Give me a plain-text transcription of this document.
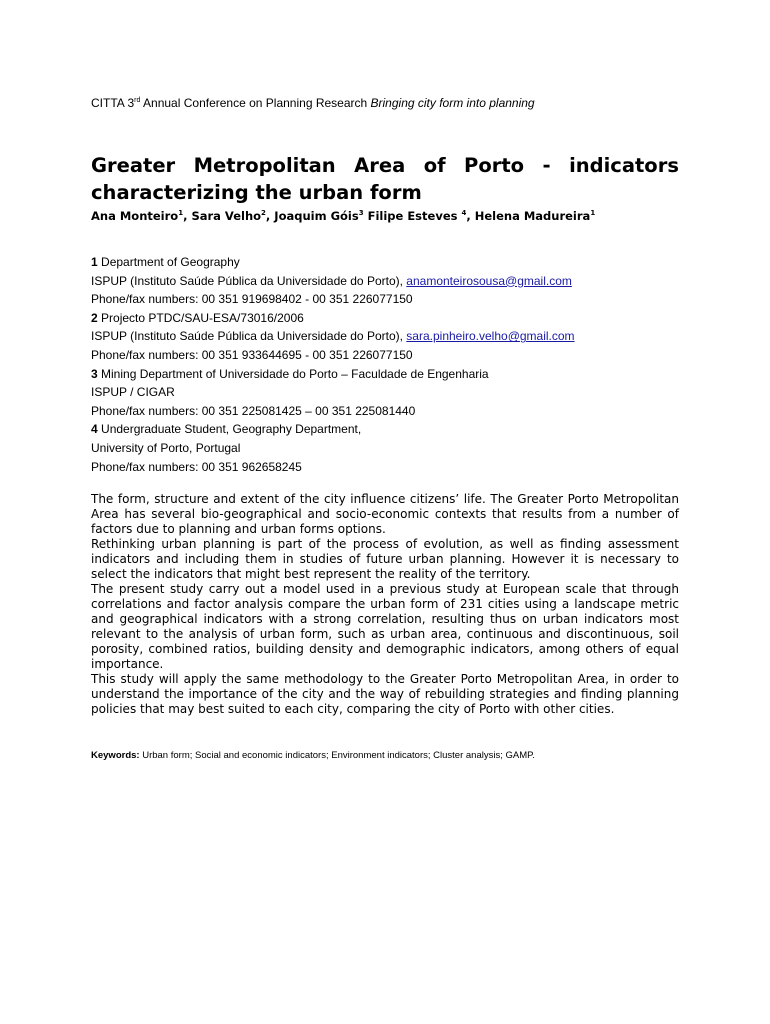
CITTA 3rd Annual Conference on Planning Research Bringing city form into planning
Greater Metropolitan Area of Porto - indicators
characterizing the urban form
Ana Monteiro$^1$, Sara Velho$^2$, Joaquim Góis$^3$ Filipe Esteves $^4$, Helena Madureira$^1$
1 Department of Geography
ISPUP (Instituto Saúde Pública da Universidade do Porto), anamonteirosousa@gmail.com
Phone/fax numbers: 00 351 919698402 - 00 351 226077150
2 Projecto PTDC/SAU-ESA/73016/2006
ISPUP (Instituto Saúde Pública da Universidade do Porto), sara.pinheiro.velho@gmail.com
Phone/fax numbers: 00 351 933644695 - 00 351 226077150
3 Mining Department of Universidade do Porto – Faculdade de Engenharia
ISPUP / CIGAR
Phone/fax numbers: 00 351 225081425 – 00 351 225081440
4 Undergraduate Student, Geography Department,
University of Porto, Portugal
Phone/fax numbers: 00 351 962658245

The form, structure and extent of the city influence citizens’ life. The Greater Porto Metropolitan Area has several bio-geographical and socio-economic contexts that results from a number of factors due to planning and urban forms options.

Rethinking urban planning is part of the process of evolution, as well as finding assessment indicators and including them in studies of future urban planning. However it is necessary to select the indicators that might best represent the reality of the territory.

The present study carry out a model used in a previous study at European scale that through correlations and factor analysis compare the urban form of 231 cities using a landscape metric and geographical indicators with a strong correlation, resulting thus on urban indicators most relevant to the analysis of urban form, such as urban area, continuous and discontinuous, soil porosity, combined ratios, building density and demographic indicators, among others of equal importance.

This study will apply the same methodology to the Greater Porto Metropolitan Area, in order to understand the importance of the city and the way of rebuilding strategies and finding planning policies that may best suited to each city, comparing the city of Porto with other cities.

Keywords: Urban form; Social and economic indicators; Environment indicators; Cluster analysis; GAMP.
